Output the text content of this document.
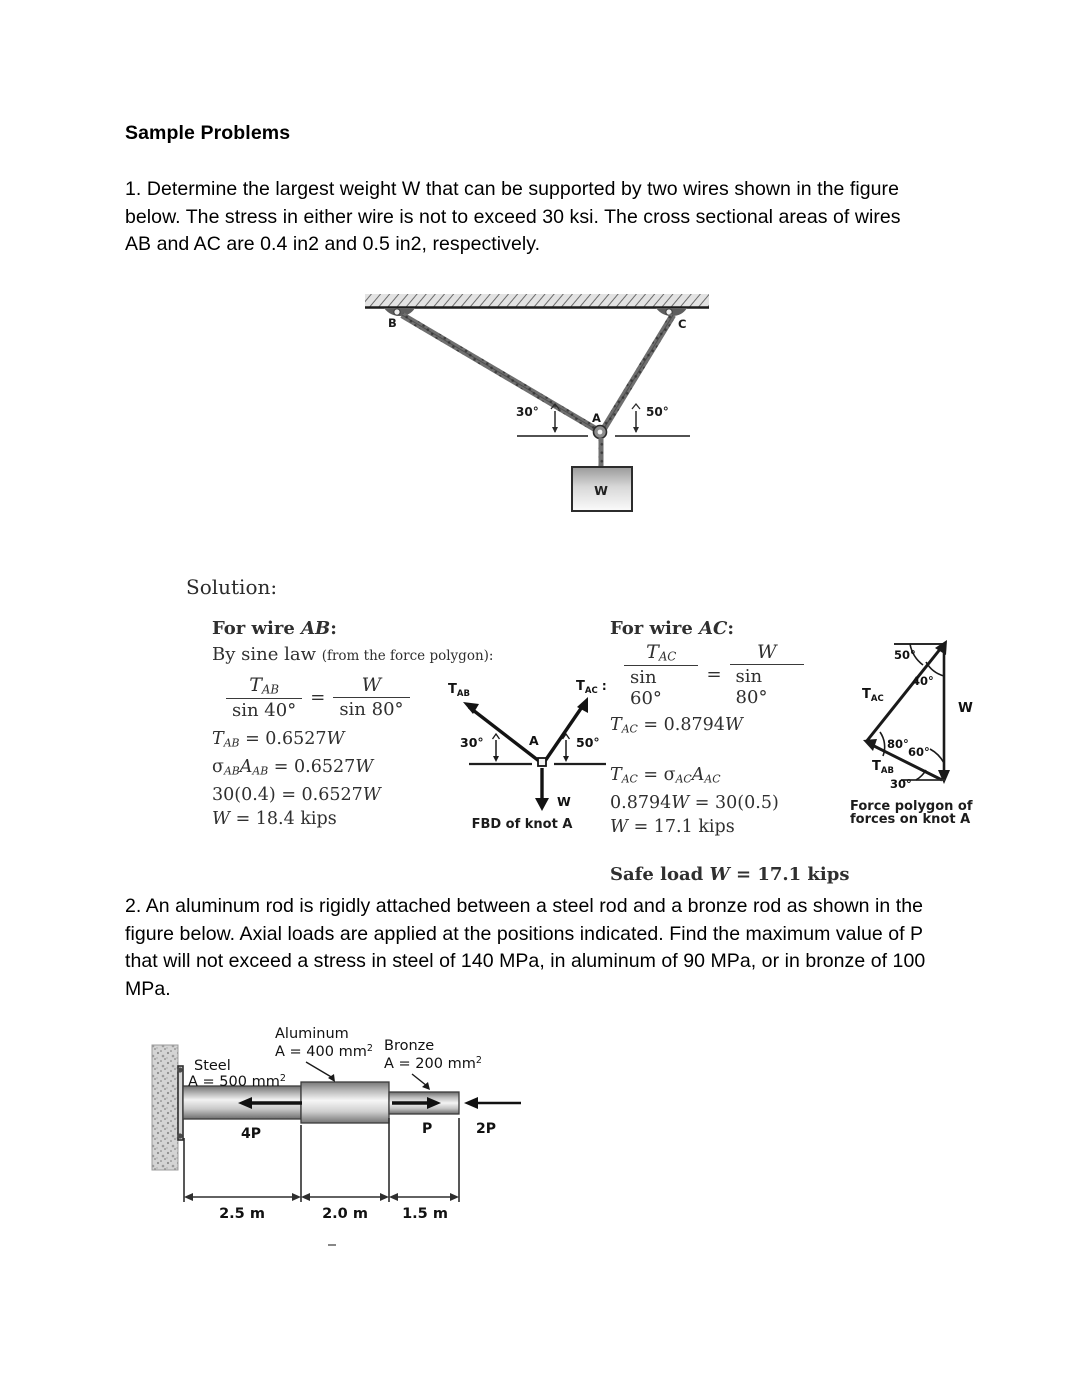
Sample Problems
1. Determine the largest weight W that can be supported by two wires shown in the figure below. The stress in either wire is not to exceed 30 ksi. The cross sectional areas of wires AB and AC are 0.4 in2 and 0.5 in2, respectively.
B	C
A
30°	50°
W
Solution:
For wire AB:
By sine law (from the force polygon):
$\frac{T_{AB}}{\sin 40^\circ} = \frac{W}{\sin 80^\circ}$
$T_{AB} = 0.6527W$
$\sigma_{AB}A_{AB} = 0.6527W$
30(0.4) = 0.6527W
W = 18.4 kips
For wire AC:
$\frac{T_{AC}}{\sin 60^\circ} = \frac{W}{\sin 80^\circ}$
$T_{AC} = 0.8794W$
$T_{AC} = \sigma_{AC}A_{AC}$
0.8794W = 30(0.5)
W = 17.1 kips
Safe load W = 17.1 kips
$T_{AB}$	$T_{AC}$ :
A
30°	50°
W
FBD of knot A
$T_{AC}$
W
$T_{AB}$
50°
40°
80°
60°
30°
Force polygon of
forces on knot A
2. An aluminum rod is rigidly attached between a steel rod and a bronze rod as shown in the figure below. Axial loads are applied at the positions indicated. Find the maximum value of P that will not exceed a stress in steel of 140 MPa, in aluminum of 90 MPa, or in bronze of 100 MPa.
4P	P	2P
Steel
A = 500 $mm^2$
Aluminum
A = 400 $mm^2$ Bronze
A = 200 $mm^2$
2.5 m	2.0 m 1.5 m
